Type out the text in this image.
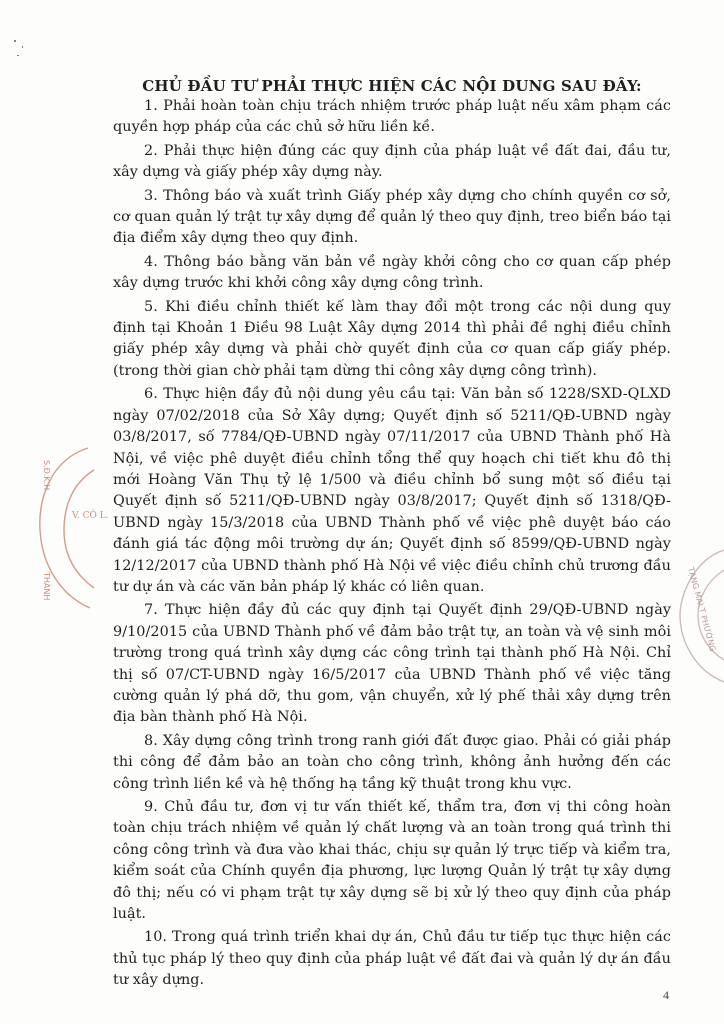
S.Đ.K.H
V. CÔ L.
THÀNH	TẠNG MAI T PHƯỜNG
CHỦ ĐẦU TƯ PHẢI THỰC HIỆN CÁC NỘI DUNG SAU ĐÂY:

1. Phải hoàn toàn chịu trách nhiệm trước pháp luật nếu xâm phạm các quyền hợp pháp của các chủ sở hữu liền kề.

2. Phải thực hiện đúng các quy định của pháp luật về đất đai, đầu tư, xây dựng và giấy phép xây dựng này.

3. Thông báo và xuất trình Giấy phép xây dựng cho chính quyền cơ sở, cơ quan quản lý trật tự xây dựng để quản lý theo quy định, treo biển báo tại địa điểm xây dựng theo quy định.

4. Thông báo bằng văn bản về ngày khởi công cho cơ quan cấp phép xây dựng trước khi khởi công xây dựng công trình.

5. Khi điều chỉnh thiết kế làm thay đổi một trong các nội dung quy định tại Khoản 1 Điều 98 Luật Xây dựng 2014 thì phải đề nghị điều chỉnh giấy phép xây dựng và phải chờ quyết định của cơ quan cấp giấy phép. (trong thời gian chờ phải tạm dừng thi công xây dựng công trình).

6. Thực hiện đầy đủ nội dung yêu cầu tại: Văn bản số 1228/SXD-QLXD ngày 07/02/2018 của Sở Xây dựng; Quyết định số 5211/QĐ-UBND ngày 03/8/2017, số 7784/QĐ-UBND ngày 07/11/2017 của UBND Thành phố Hà Nội, về việc phê duyệt điều chỉnh tổng thể quy hoạch chi tiết khu đô thị mới Hoàng Văn Thụ tỷ lệ 1/500 và điều chỉnh bổ sung một số điều tại Quyết định số 5211/QĐ-UBND ngày 03/8/2017; Quyết định số 1318/QĐ-UBND ngày 15/3/2018 của UBND Thành phố về việc phê duyệt báo cáo đánh giá tác động môi trường dự án; Quyết định số 8599/QĐ-UBND ngày 12/12/2017 của UBND thành phố Hà Nội về việc điều chỉnh chủ trương đầu tư dự án và các văn bản pháp lý khác có liên quan.

7. Thực hiện đầy đủ các quy định tại Quyết định 29/QĐ-UBND ngày 9/10/2015 của UBND Thành phố về đảm bảo trật tự, an toàn và vệ sinh môi trường trong quá trình xây dựng các công trình tại thành phố Hà Nội. Chỉ thị số 07/CT-UBND ngày 16/5/2017 của UBND Thành phố về việc tăng cường quản lý phá dỡ, thu gom, vận chuyển, xử lý phế thải xây dựng trên địa bàn thành phố Hà Nội.

8. Xây dựng công trình trong ranh giới đất được giao. Phải có giải pháp thi công để đảm bảo an toàn cho công trình, không ảnh hưởng đến các công trình liền kề và hệ thống hạ tầng kỹ thuật trong khu vực.

9. Chủ đầu tư, đơn vị tư vấn thiết kế, thẩm tra, đơn vị thi công hoàn toàn chịu trách nhiệm về quản lý chất lượng và an toàn trong quá trình thi công công trình và đưa vào khai thác, chịu sự quản lý trực tiếp và kiểm tra, kiểm soát của Chính quyền địa phương, lực lượng Quản lý trật tự xây dựng đô thị; nếu có vi phạm trật tự xây dựng sẽ bị xử lý theo quy định của pháp luật.

10. Trong quá trình triển khai dự án, Chủ đầu tư tiếp tục thực hiện các thủ tục pháp lý theo quy định của pháp luật về đất đai và quản lý dự án đầu tư xây dựng.

4
